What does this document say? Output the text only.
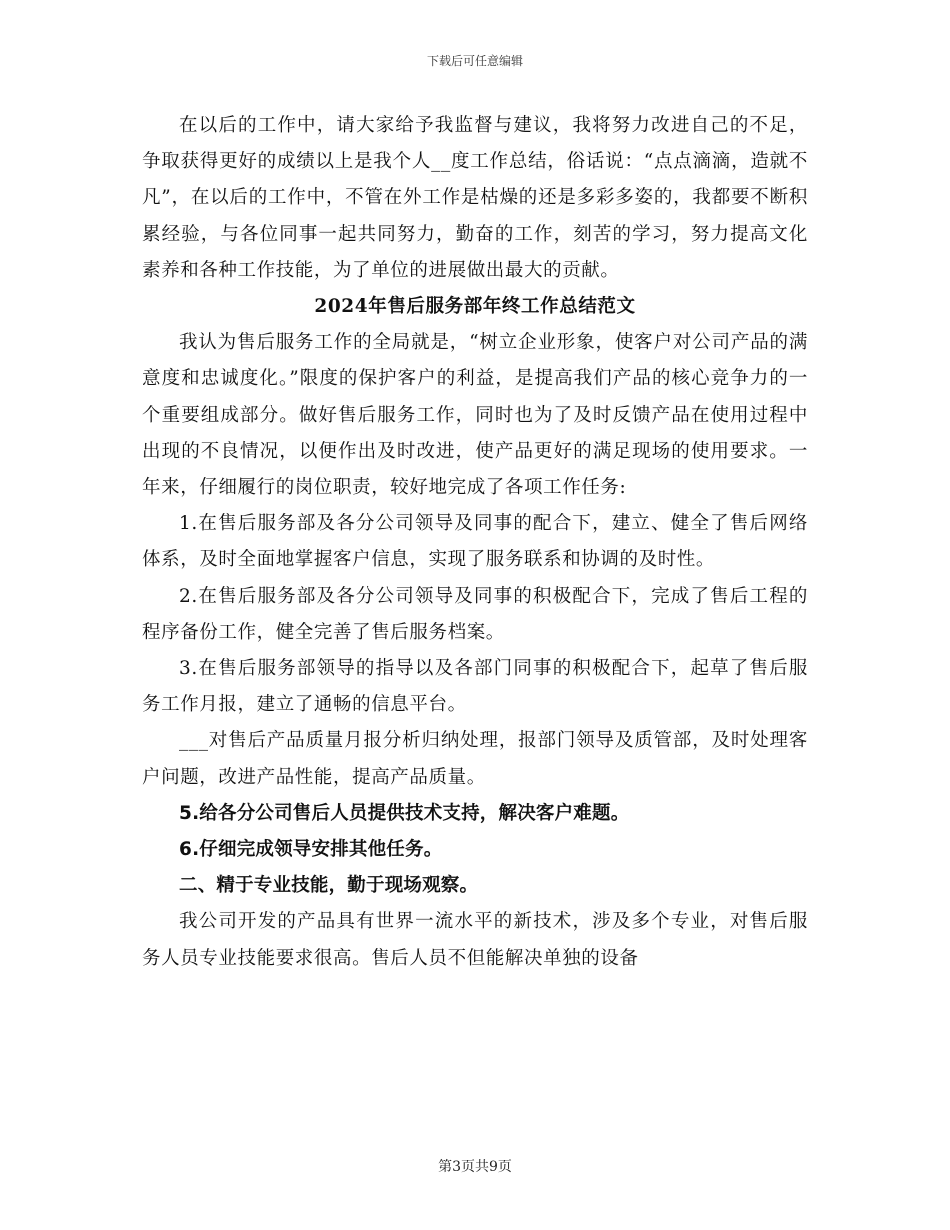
下载后可任意编辑

在以后的工作中，请大家给予我监督与建议，我将努力改进自己的不足，争取获得更好的成绩以上是我个人__度工作总结，俗话说：“点点滴滴，造就不凡”，在以后的工作中，不管在外工作是枯燥的还是多彩多姿的，我都要不断积累经验，与各位同事一起共同努力，勤奋的工作，刻苦的学习，努力提高文化素养和各种工作技能，为了单位的进展做出最大的贡献。

2024年售后服务部年终工作总结范文

我认为售后服务工作的全局就是，“树立企业形象，使客户对公司产品的满意度和忠诚度化。”限度的保护客户的利益，是提高我们产品的核心竞争力的一个重要组成部分。做好售后服务工作，同时也为了及时反馈产品在使用过程中出现的不良情况，以便作出及时改进，使产品更好的满足现场的使用要求。一年来，仔细履行的岗位职责，较好地完成了各项工作任务:

1.在售后服务部及各分公司领导及同事的配合下，建立、健全了售后网络体系，及时全面地掌握客户信息，实现了服务联系和协调的及时性。

2.在售后服务部及各分公司领导及同事的积极配合下，完成了售后工程的程序备份工作，健全完善了售后服务档案。

3.在售后服务部领导的指导以及各部门同事的积极配合下，起草了售后服务工作月报，建立了通畅的信息平台。

___对售后产品质量月报分析归纳处理，报部门领导及质管部，及时处理客户问题，改进产品性能，提高产品质量。

5.给各分公司售后人员提供技术支持，解决客户难题。

6.仔细完成领导安排其他任务。

二、精于专业技能，勤于现场观察。

我公司开发的产品具有世界一流水平的新技术，涉及多个专业，对售后服务人员专业技能要求很高。售后人员不但能解决单独的设备

第3页共9页
